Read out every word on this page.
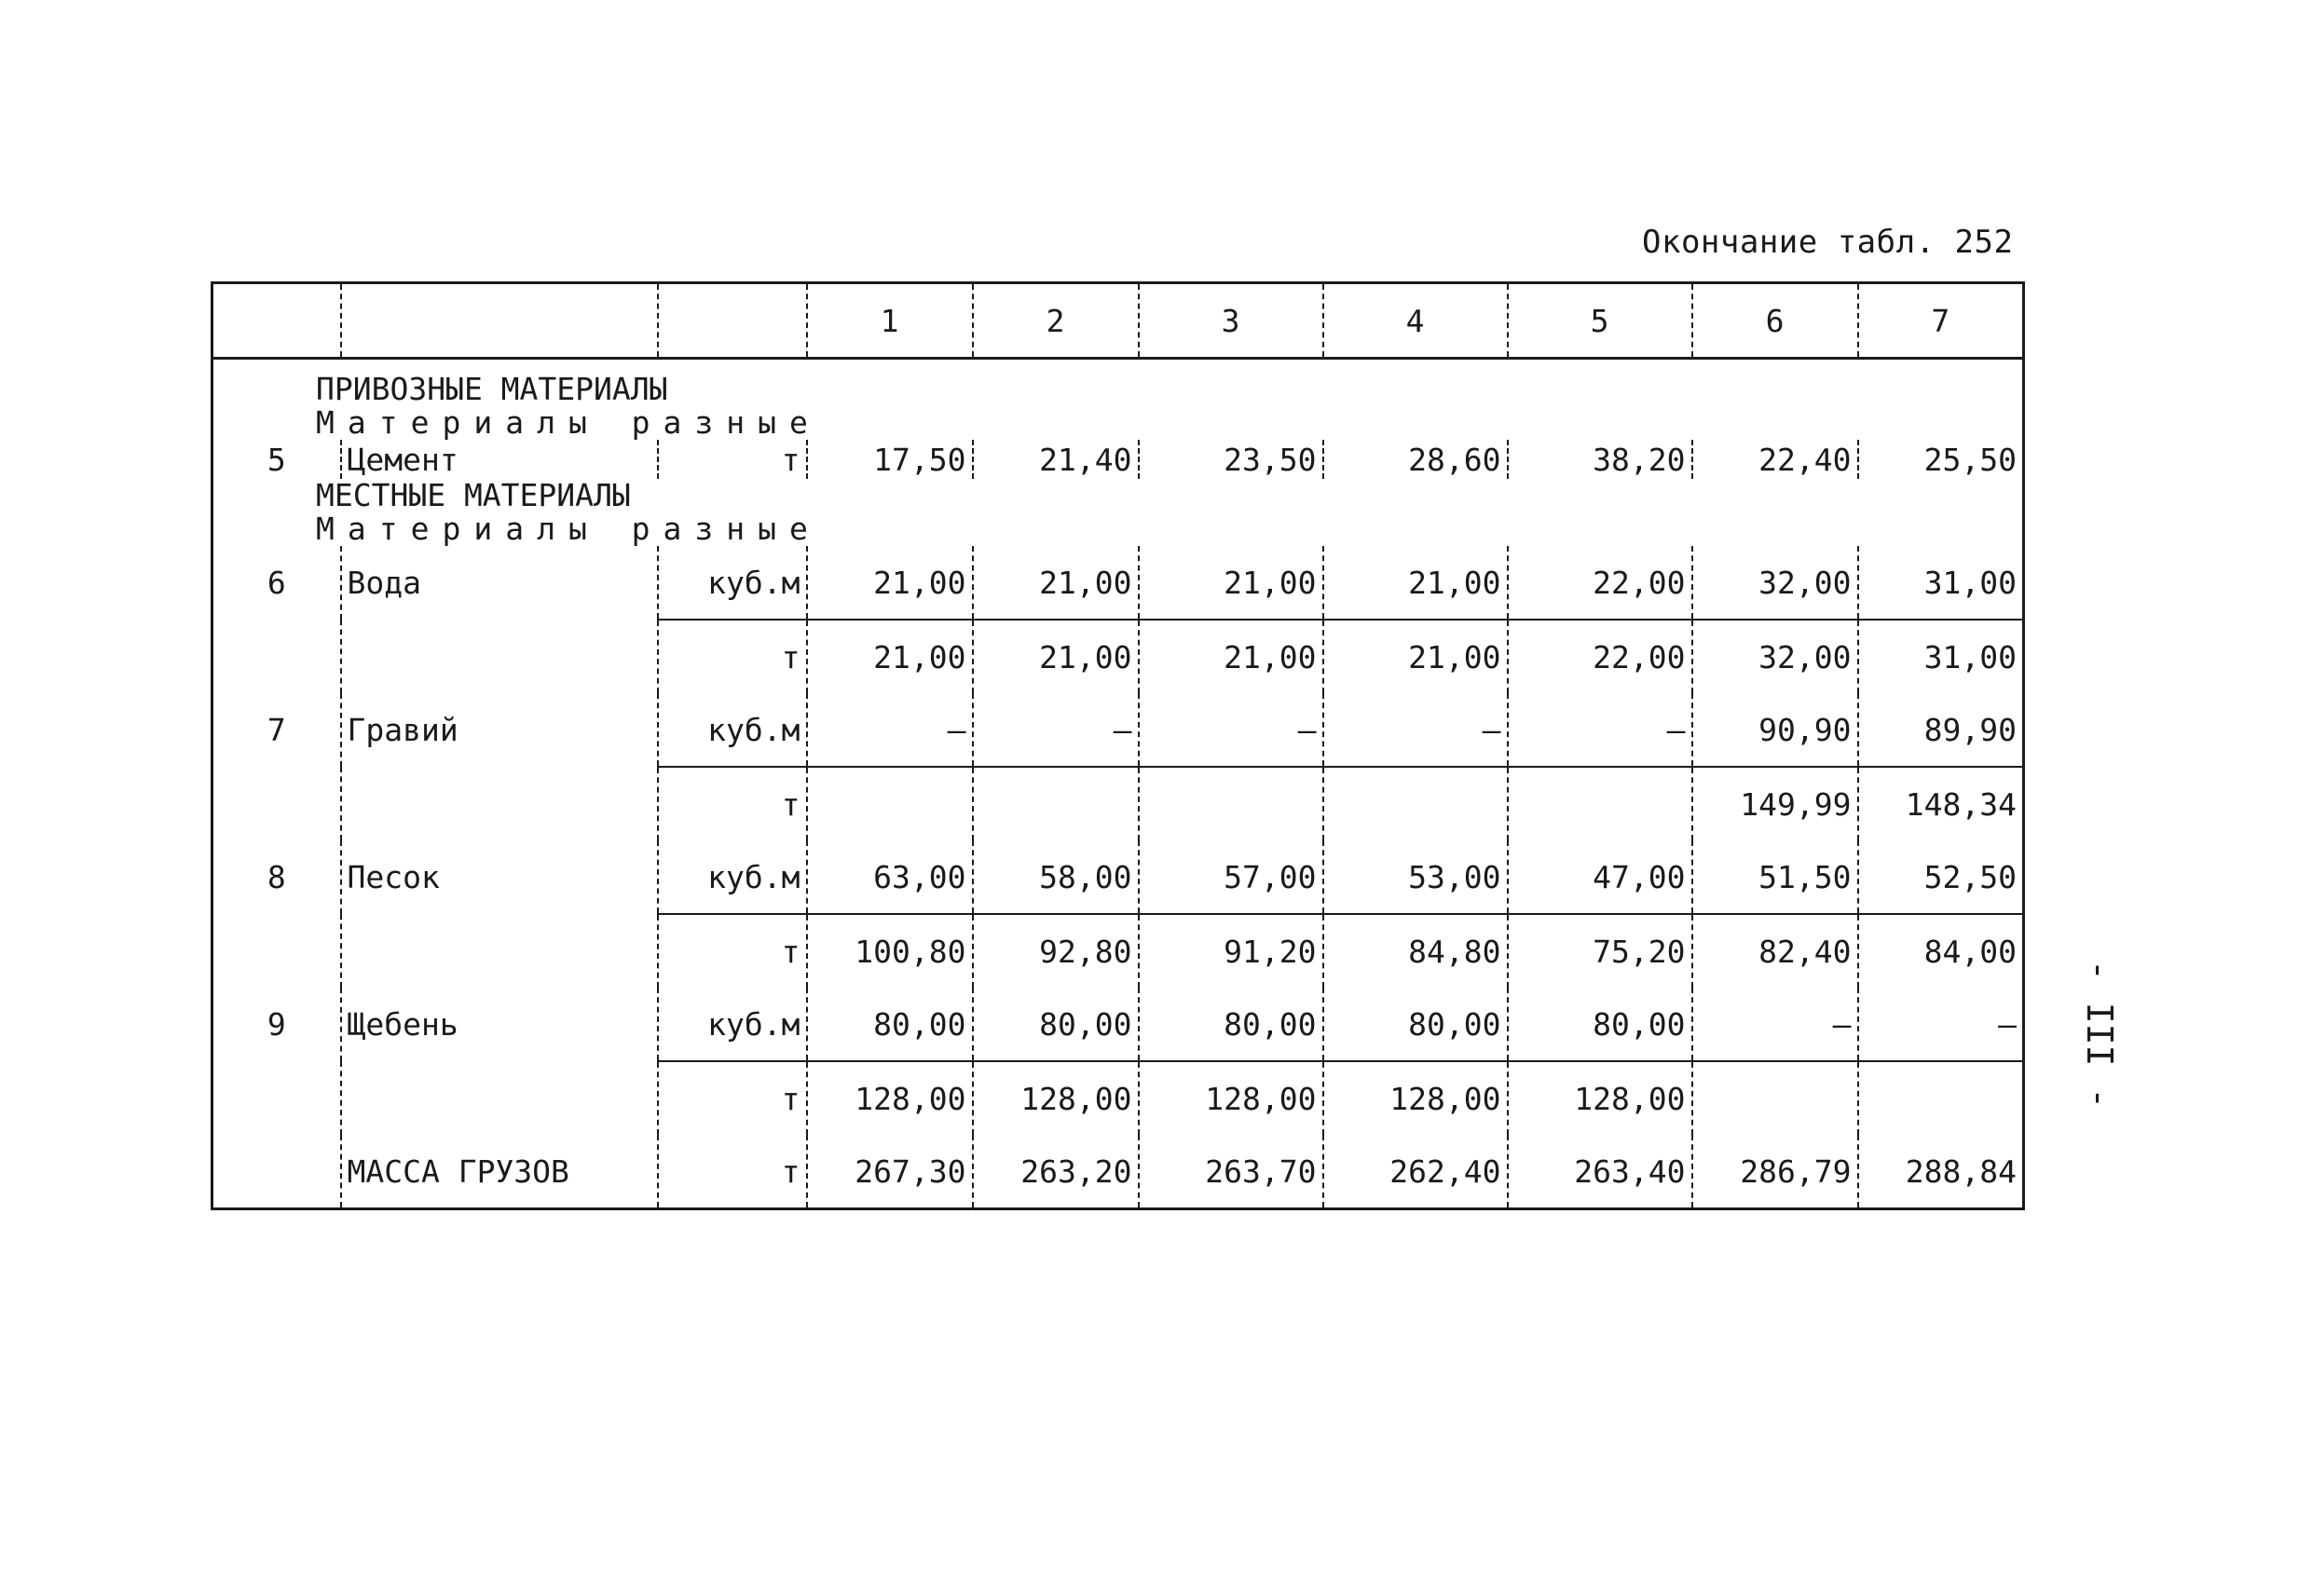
Окончание табл. 252
			1	2	3	4	5	6	7
ПРИВОЗНЫЕ МАТЕРИАЛЫ									
Материалы разные									
5	Цемент	т	17,50	21,40	23,50	28,60	38,20	22,40	25,50
МЕСТНЫЕ МАТЕРИАЛЫ									
Материалы разные									
6	Вода	куб.м	21,00	21,00	21,00	21,00	22,00	32,00	31,00
		т	21,00	21,00	21,00	21,00	22,00	32,00	31,00
7	Гравий	куб.м	–	–	–	–	–	90,90	89,90
		т						149,99	148,34
8	Песок	куб.м	63,00	58,00	57,00	53,00	47,00	51,50	52,50
		т	100,80	92,80	91,20	84,80	75,20	82,40	84,00
9	Щебень	куб.м	80,00	80,00	80,00	80,00	80,00	–	–
		т	128,00	128,00	128,00	128,00	128,00		
	МАССА ГРУЗОВ	т	267,30	263,20	263,70	262,40	263,40	286,79	288,84
- III -
